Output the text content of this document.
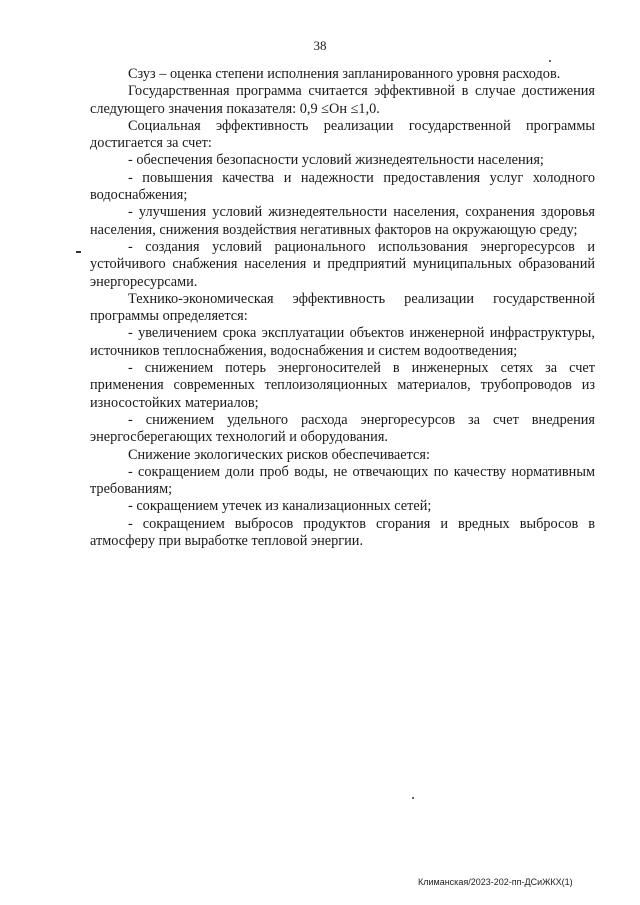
38

Сзуз – оценка степени исполнения запланированного уровня расходов.

Государственная программа считается эффективной в случае достижения следующего значения показателя: 0,9 ≤Он ≤1,0.

Социальная эффективность реализации государственной программы достигается за счет:

- обеспечения безопасности условий жизнедеятельности населения;

- повышения качества и надежности предоставления услуг холодного водоснабжения;

- улучшения условий жизнедеятельности населения, сохранения здоровья населения, снижения воздействия негативных факторов на окружающую среду;

- создания условий рационального использования энергоресурсов и устойчивого снабжения населения и предприятий муниципальных образований энергоресурсами.

Технико-экономическая эффективность реализации государственной программы определяется:

- увеличением срока эксплуатации объектов инженерной инфраструктуры, источников теплоснабжения, водоснабжения и систем водоотведения;

- снижением потерь энергоносителей в инженерных сетях за счет применения современных теплоизоляционных материалов, трубопроводов из износостойких материалов;

- снижением удельного расхода энергоресурсов за счет внедрения энергосберегающих технологий и оборудования.

Снижение экологических рисков обеспечивается:

- сокращением доли проб воды, не отвечающих по качеству нормативным требованиям;

- сокращением утечек из канализационных сетей;

- сокращением выбросов продуктов сгорания и вредных выбросов в атмосферу при выработке тепловой энергии.

Климанская/2023-202-пп-ДСиЖКХ(1)
